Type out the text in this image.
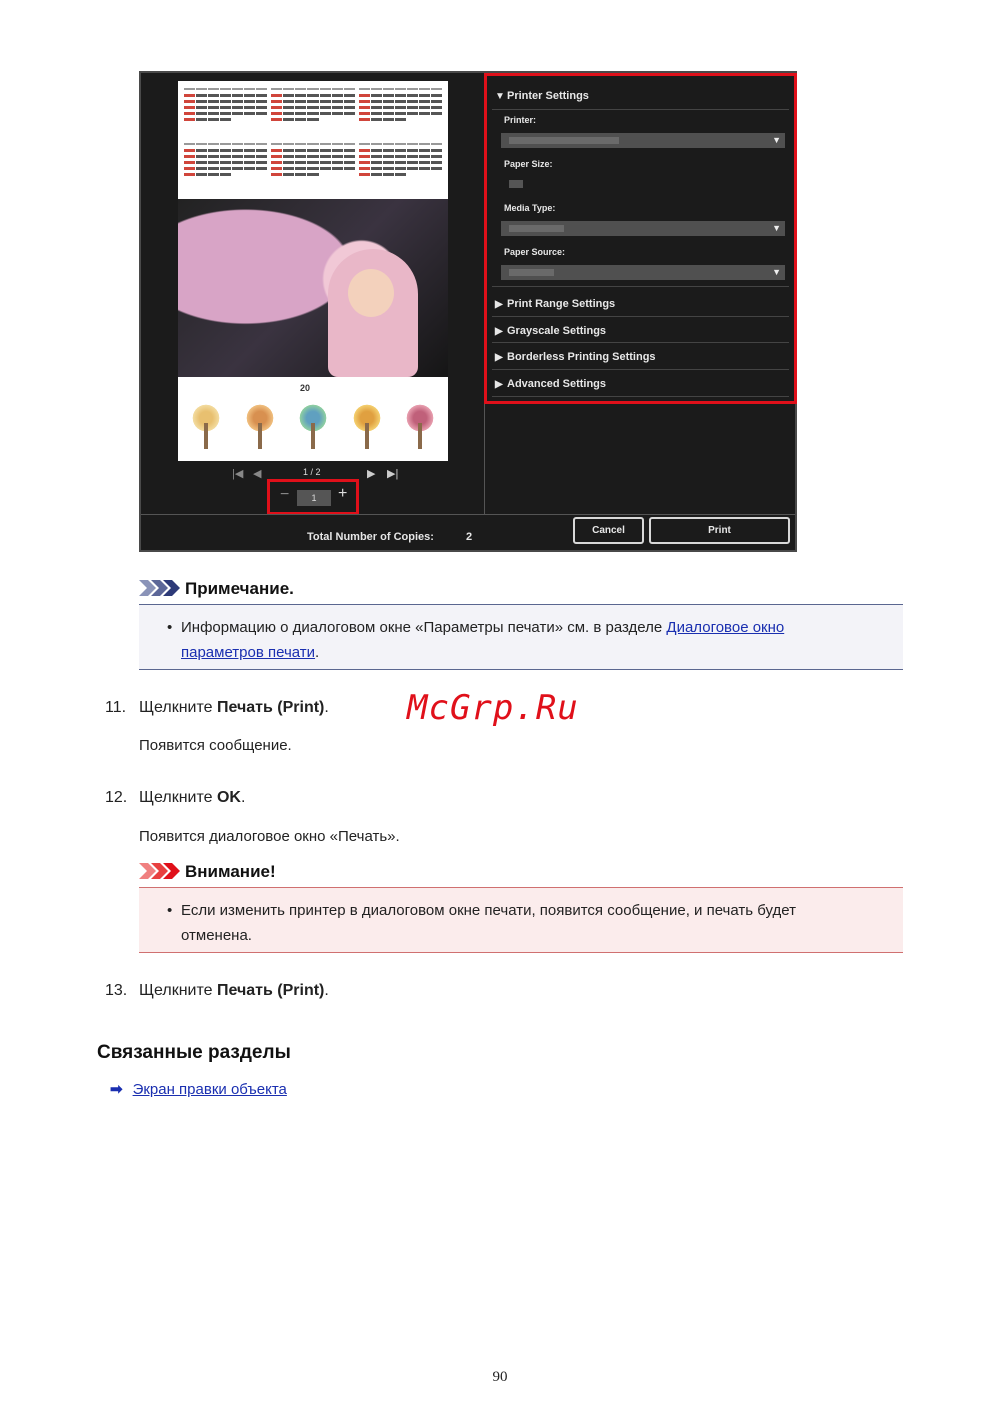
20
|◀ ◀	1 / 2	▶ ▶|
−	1	+
Total Number of Copies:	2
Cancel	Print
▼ Printer Settings
Printer:
▼
Paper Size:
Media Type:
▼
Paper Source:
▼
▶ Print Range Settings
▶ Grayscale Settings
▶ Borderless Printing Settings
▶ Advanced Settings
Примечание.
• Информацию о диалоговом окне «Параметры печати» см. в разделе Диалоговое окно
параметров печати.
11. Щелкните Печать (Print). McGrp.Ru
Появится сообщение.
12. Щелкните OK.
Появится диалоговое окно «Печать».
Внимание!
• Если изменить принтер в диалоговом окне печати, появится сообщение, и печать будет
отменена.
13. Щелкните Печать (Print).
Связанные разделы
➡ Экран правки объекта
90
